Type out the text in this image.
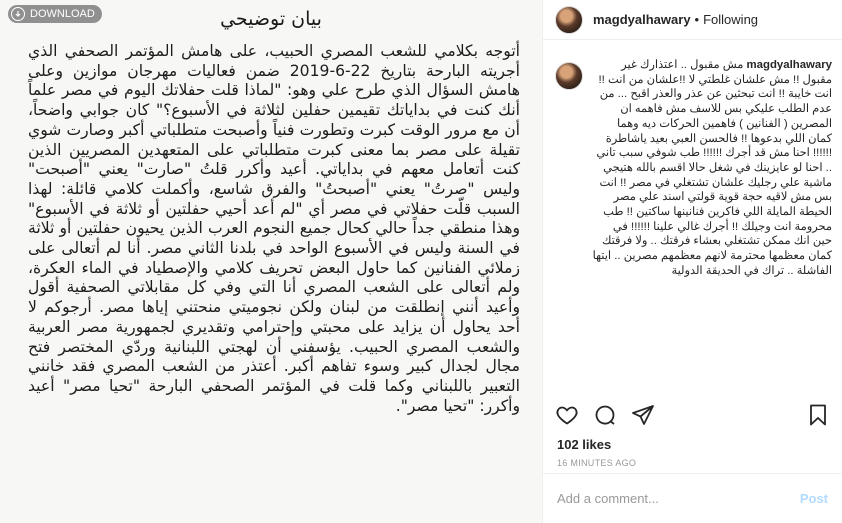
DOWNLOAD	بيان توضيحي

أتوجه بكلامي للشعب المصري الحبيب، على هامش المؤتمر الصحفي الذي أجريته البارحة بتاريخ 22-6-2019 ضمن فعاليات مهرجان موازين وعلى هامش السؤال الذي طرح علي وهو: "لماذا قلت حفلاتك اليوم في مصر علماً أنك كنت في بداياتك تقيمين حفلين لثلاثة في الأسبوع؟" كان جوابي واضحاً، أن مع مرور الوقت كبرت وتطورت فنياً وأصبحت متطلباتي أكبر وصارت شوي تقيلة على مصر بما معنى كبرت متطلباتي على المتعهدين المصريين الذين كنت أتعامل معهم في بداياتي. أعيد وأكرر قلتُ "صارت" يعني "أصبحت" وليس "صرتُ" يعني "أصبحتُ" والفرق شاسع، وأكملت كلامي قائلة: لهذا السبب قلّت حفلاتي في مصر أي "لم أعد أحيي حفلتين أو ثلاثة في الأسبوع" وهذا منطقي جداً حالي كحال جميع النجوم العرب الذين يحيون حفلتين أو ثلاثة في السنة وليس في الأسبوع الواحد في بلدنا الثاني مصر. أنا لم أتعالى على زملائي الفنانين كما حاول البعض تحريف كلامي والإصطياد في الماء العكرة، ولم أتعالى على الشعب المصري أنا التي وفي كل مقابلاتي الصحفية أقول وأعيد أنني إنطلقت من لبنان ولكن نجوميتي منحتني إياها مصر. أرجوكم لا أحد يحاول أن يزايد على محبتي وإحترامي وتقديري لجمهورية مصر العربية والشعب المصري الحبيب. يؤسفني أن لهجتي اللبنانية وردّي المختصر فتح مجال لجدال كبير وسوء تفاهم أكبر. أعتذر من الشعب المصري فقد خانني التعبير باللبناني وكما قلت في المؤتمر الصحفي البارحة "تحيا مصر" أعيد وأكرر: "تحيا مصر".

magdyalhawary • Following
magdyalhawary مش مقبول .. اعتذارك غير مقبول !! مش علشان غلطتي لا !!علشان من انت !! انت خايبة !! انت تبحثين عن عذر والعذر اقبح ... من عدم الطلب عليكي بس للاسف مش فاهمه ان المصرين ( الفنانين ) فاهمين الحركات ديه وهما كمان اللي بدعوها !! فالحسن العبي بعيد ياشاطرة !!!!!! احنا مش قد أجرك !!!!!! طب شوفي سبب تاني .. احنا لو عايزينك في شغل حالا اقسم بالله هتيجي ماشية علي رجليك علشان تشتغلي في مصر !! انت بس مش لاقيه حجة قوية قولتي اسند علي مصر الحيطة المايلة اللي فاكرين فنانينها ساكتين !! طب محرومة انت وجيلك !! أجرك غالي علينا !!!!!! في حين انك ممكن تشتغلي بعشاء فرقتك .. ولا فرقتك كمان معظمها محترمة لانهم معظمهم مصرين .. ايتها الفاشلة .. تراك في الحديقة الدولية
102 likes
16 MINUTES AGO
Add a comment...
Post
